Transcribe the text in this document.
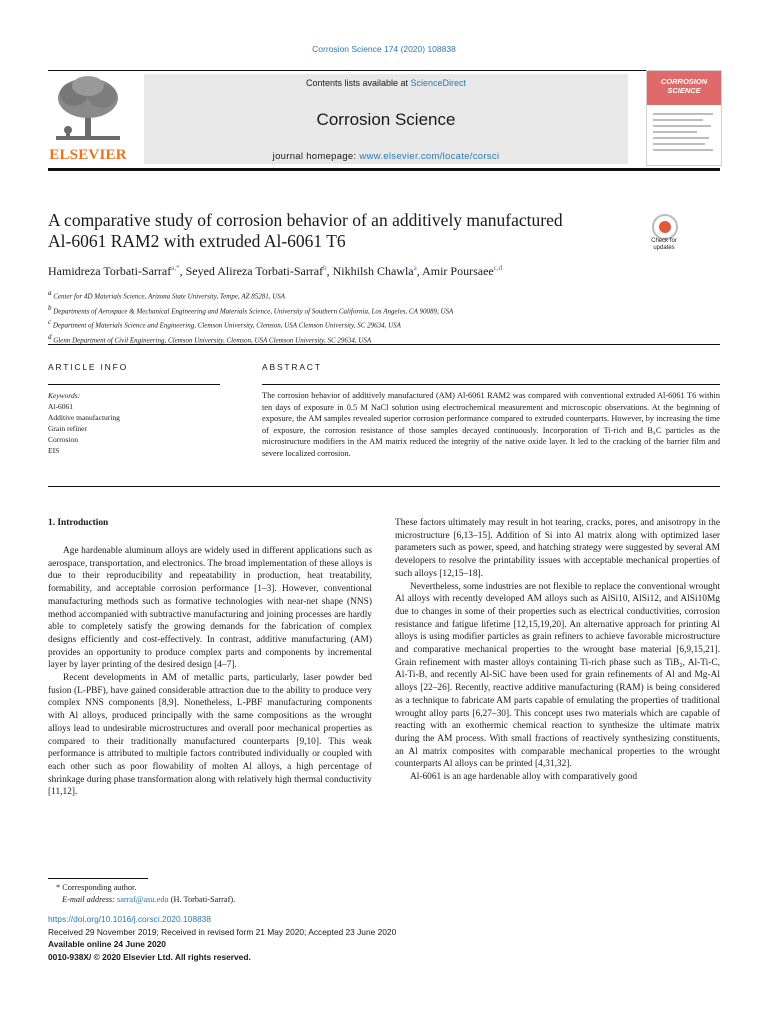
Corrosion Science 174 (2020) 108838
ELSEVIER
Contents lists available at ScienceDirect
Corrosion Science
journal homepage: www.elsevier.com/locate/corsci
CORROSION
SCIENCE
A comparative study of corrosion behavior of an additively manufactured
Al-6061 RAM2 with extruded Al-6061 T6	Check for updates
Hamidreza Torbati-Sarraf$^{a,*}$, Seyed Alireza Torbati-Sarraf$^b$, Nikhilsh Chawla$^a$, Amir Poursaee$^{c,d}$
$^a$ Center for 4D Materials Science, Arizona State University, Tempe, AZ 85281, USA
$^b$ Departments of Aerospace & Mechanical Engineering and Materials Science, University of Southern California, Los Angeles, CA 90089, USA
$^c$ Department of Materials Science and Engineering, Clemson University, Clemson, USA Clemson University, SC 29634, USA
$^d$ Glenn Department of Civil Engineering, Clemson University, Clemson, USA Clemson University, SC 29634, USA
ARTICLE INFO
Keywords:
Al-6061
Additive manufacturing
Grain refiner
Corrosion
EIS
ABSTRACT
The corrosion behavior of additively manufactured (AM) Al-6061 RAM2 was compared with conventional extruded Al-6061 T6 within ten days of exposure in 0.5 M NaCl solution using electrochemical measurement and microscopic observations. At the beginning of exposure, the AM samples revealed superior corrosion performance compared to extruded counterparts. However, by increasing the time of exposure, the corrosion resistance of those samples decayed continuously. Incorporation of Ti-rich and B₄C particles as the microstructure modifiers in the AM matrix reduced the integrity of the native oxide layer. It led to the cracking of the barrier film and severe localized corrosion.
1. Introduction

Age hardenable aluminum alloys are widely used in different applications such as aerospace, transportation, and electronics. The broad implementation of these alloys is due to their reproducibility and repeatability in production, heat treatability, formability, and acceptable corrosion performance [1–3]. However, conventional manufacturing methods such as formative technologies with near-net shape (NNS) method accompanied with subtractive manufacturing and joining processes are hardly able to completely satisfy the growing demands for the fabrication of complex designs efficiently and cost-effectively. In contrast, additive manufacturing (AM) provides an opportunity to produce complex parts and components by incremental layer by layer printing of the desired design [4–7].

Recent developments in AM of metallic parts, particularly, laser powder bed fusion (L-PBF), have gained considerable attraction due to the ability to produce very complex NNS components [8,9]. Nonetheless, L-PBF manufacturing components with Al alloys, produced principally with the same compositions as the wrought alloys lead to undesirable microstructures and overall poor mechanical properties as compared to their traditionally manufactured counterparts [9,10]. This weak performance is attributed to multiple factors contributed individually or coupled with each other such as poor flowability of molten Al alloys, a high percentage of shrinkage during phase transformation along with relatively high thermal conductivity [11,12].

These factors ultimately may result in hot tearing, cracks, pores, and anisotropy in the microstructure [6,13–15]. Addition of Si into Al matrix along with optimized laser parameters such as power, speed, and hatching strategy were suggested by several AM developers to resolve the printability issues with acceptable mechanical properties of such alloys [12,15–18].

Nevertheless, some industries are not flexible to replace the conventional wrought Al alloys with recently developed AM alloys such as AlSi10, AlSi12, and AlSi10Mg due to changes in some of their properties such as electrical conductivities, corrosion resistance and fatigue lifetime [12,15,19,20]. An alternative approach for printing Al alloys is using modifier particles as grain refiners to achieve favorable microstructure and comparative mechanical properties to the wrought base material [6,9,15,21]. Grain refinement with master alloys containing Ti-rich phase such as TiB₂, Al-Ti-C, Al-Ti-B, and recently Al-SiC have been used for grain refinements of Al and Mg-Al alloys [22–26]. Recently, reactive additive manufacturing (RAM) is being considered as a technique to fabricate AM parts capable of emulating the properties of traditional wrought alloy parts [6,27–30]. This concept uses two materials which are capable of reacting with an exothermic chemical reaction to synthesize the ultimate matrix during the AM process. With small fractions of reactively synthesizing constituents, an Al matrix composites with comparable mechanical properties to the wrought counterparts Al alloys can be printed [4,31,32].

Al-6061 is an age hardenable alloy with comparatively good

* Corresponding author.
E-mail address: sarraf@asu.edu (H. Torbati-Sarraf).
https://doi.org/10.1016/j.corsci.2020.108838
Received 29 November 2019; Received in revised form 21 May 2020; Accepted 23 June 2020
Available online 24 June 2020
0010-938X/ © 2020 Elsevier Ltd. All rights reserved.
